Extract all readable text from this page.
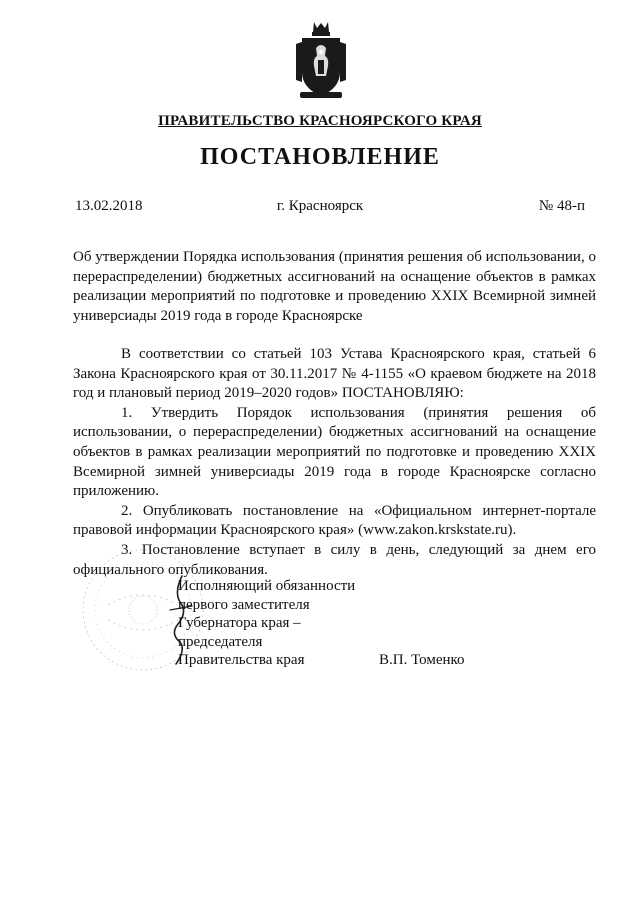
ПРАВИТЕЛЬСТВО КРАСНОЯРСКОГО КРАЯ
ПОСТАНОВЛЕНИЕ
13.02.2018	г. Красноярск	№ 48-п
Об утверждении Порядка использования (принятия решения об использовании, о перераспределении) бюджетных ассигнований на оснащение объектов в рамках реализации мероприятий по подготовке и проведению XXIX Всемирной зимней универсиады 2019 года в городе Красноярске

В соответствии со статьей 103 Устава Красноярского края, статьей 6 Закона Красноярского края от 30.11.2017 № 4-1155 «О краевом бюджете на 2018 год и плановый период 2019–2020 годов» ПОСТАНОВЛЯЮ:

1. Утвердить Порядок использования (принятия решения об использовании, о перераспределении) бюджетных ассигнований на оснащение объектов в рамках реализации мероприятий по подготовке и проведению XXIX Всемирной зимней универсиады 2019 года в городе Красноярске согласно приложению.

2. Опубликовать постановление на «Официальном интернет-портале правовой информации Красноярского края» (www.zakon.krskstate.ru).

3. Постановление вступает в силу в день, следующий за днем его официального опубликования.

Исполняющий обязанности
первого заместителя
Губернатора края –
председателя
Правительства края	В.П. Томенко
